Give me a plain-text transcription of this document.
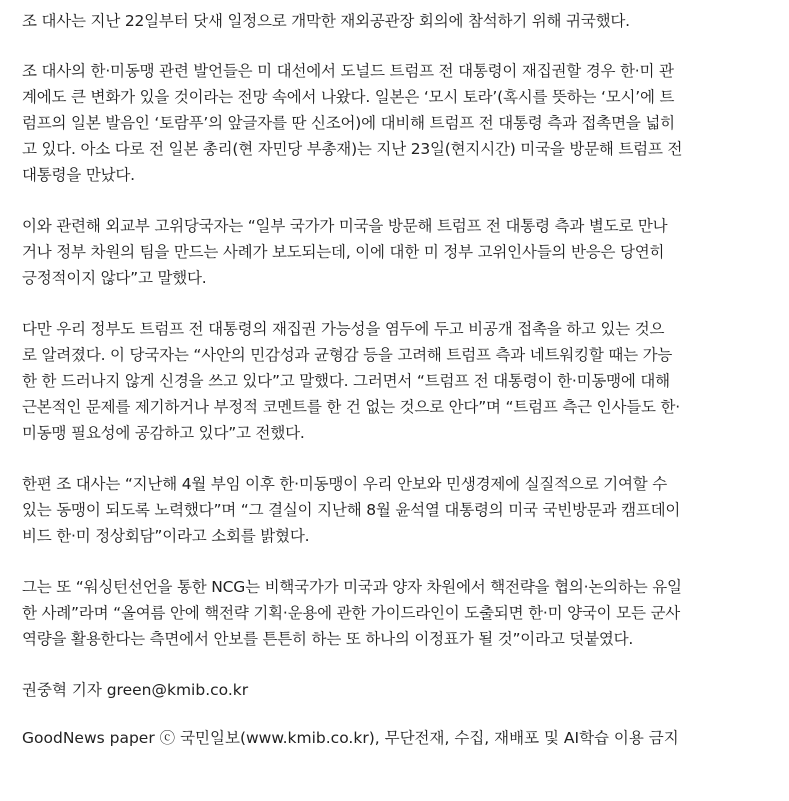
조 대사는 지난 22일부터 닷새 일정으로 개막한 재외공관장 회의에 참석하기 위해 귀국했다.
조 대사의 한·미동맹 관련 발언들은 미 대선에서 도널드 트럼프 전 대통령이 재집권할 경우 한·미 관
계에도 큰 변화가 있을 것이라는 전망 속에서 나왔다. 일본은 ‘모시 토라’(혹시를 뜻하는 ‘모시’에 트
럼프의 일본 발음인 ‘토람푸’의 앞글자를 딴 신조어)에 대비해 트럼프 전 대통령 측과 접촉면을 넓히
고 있다. 아소 다로 전 일본 총리(현 자민당 부총재)는 지난 23일(현지시간) 미국을 방문해 트럼프 전
대통령을 만났다.
이와 관련해 외교부 고위당국자는 “일부 국가가 미국을 방문해 트럼프 전 대통령 측과 별도로 만나
거나 정부 차원의 팀을 만드는 사례가 보도되는데, 이에 대한 미 정부 고위인사들의 반응은 당연히
긍정적이지 않다”고 말했다.
다만 우리 정부도 트럼프 전 대통령의 재집권 가능성을 염두에 두고 비공개 접촉을 하고 있는 것으
로 알려졌다. 이 당국자는 “사안의 민감성과 균형감 등을 고려해 트럼프 측과 네트워킹할 때는 가능
한 한 드러나지 않게 신경을 쓰고 있다”고 말했다. 그러면서 “트럼프 전 대통령이 한·미동맹에 대해
근본적인 문제를 제기하거나 부정적 코멘트를 한 건 없는 것으로 안다”며 “트럼프 측근 인사들도 한·
미동맹 필요성에 공감하고 있다”고 전했다.
한편 조 대사는 “지난해 4월 부임 이후 한·미동맹이 우리 안보와 민생경제에 실질적으로 기여할 수
있는 동맹이 되도록 노력했다”며 “그 결실이 지난해 8월 윤석열 대통령의 미국 국빈방문과 캠프데이
비드 한·미 정상회담”이라고 소회를 밝혔다.
그는 또 “워싱턴선언을 통한 NCG는 비핵국가가 미국과 양자 차원에서 핵전략을 협의·논의하는 유일
한 사례”라며 “올여름 안에 핵전략 기획·운용에 관한 가이드라인이 도출되면 한·미 양국이 모든 군사
역량을 활용한다는 측면에서 안보를 튼튼히 하는 또 하나의 이정표가 될 것”이라고 덧붙였다.
권중혁 기자 green@kmib.co.kr
GoodNews paper ⓒ 국민일보(www.kmib.co.kr), 무단전재, 수집, 재배포 및 AI학습 이용 금지
